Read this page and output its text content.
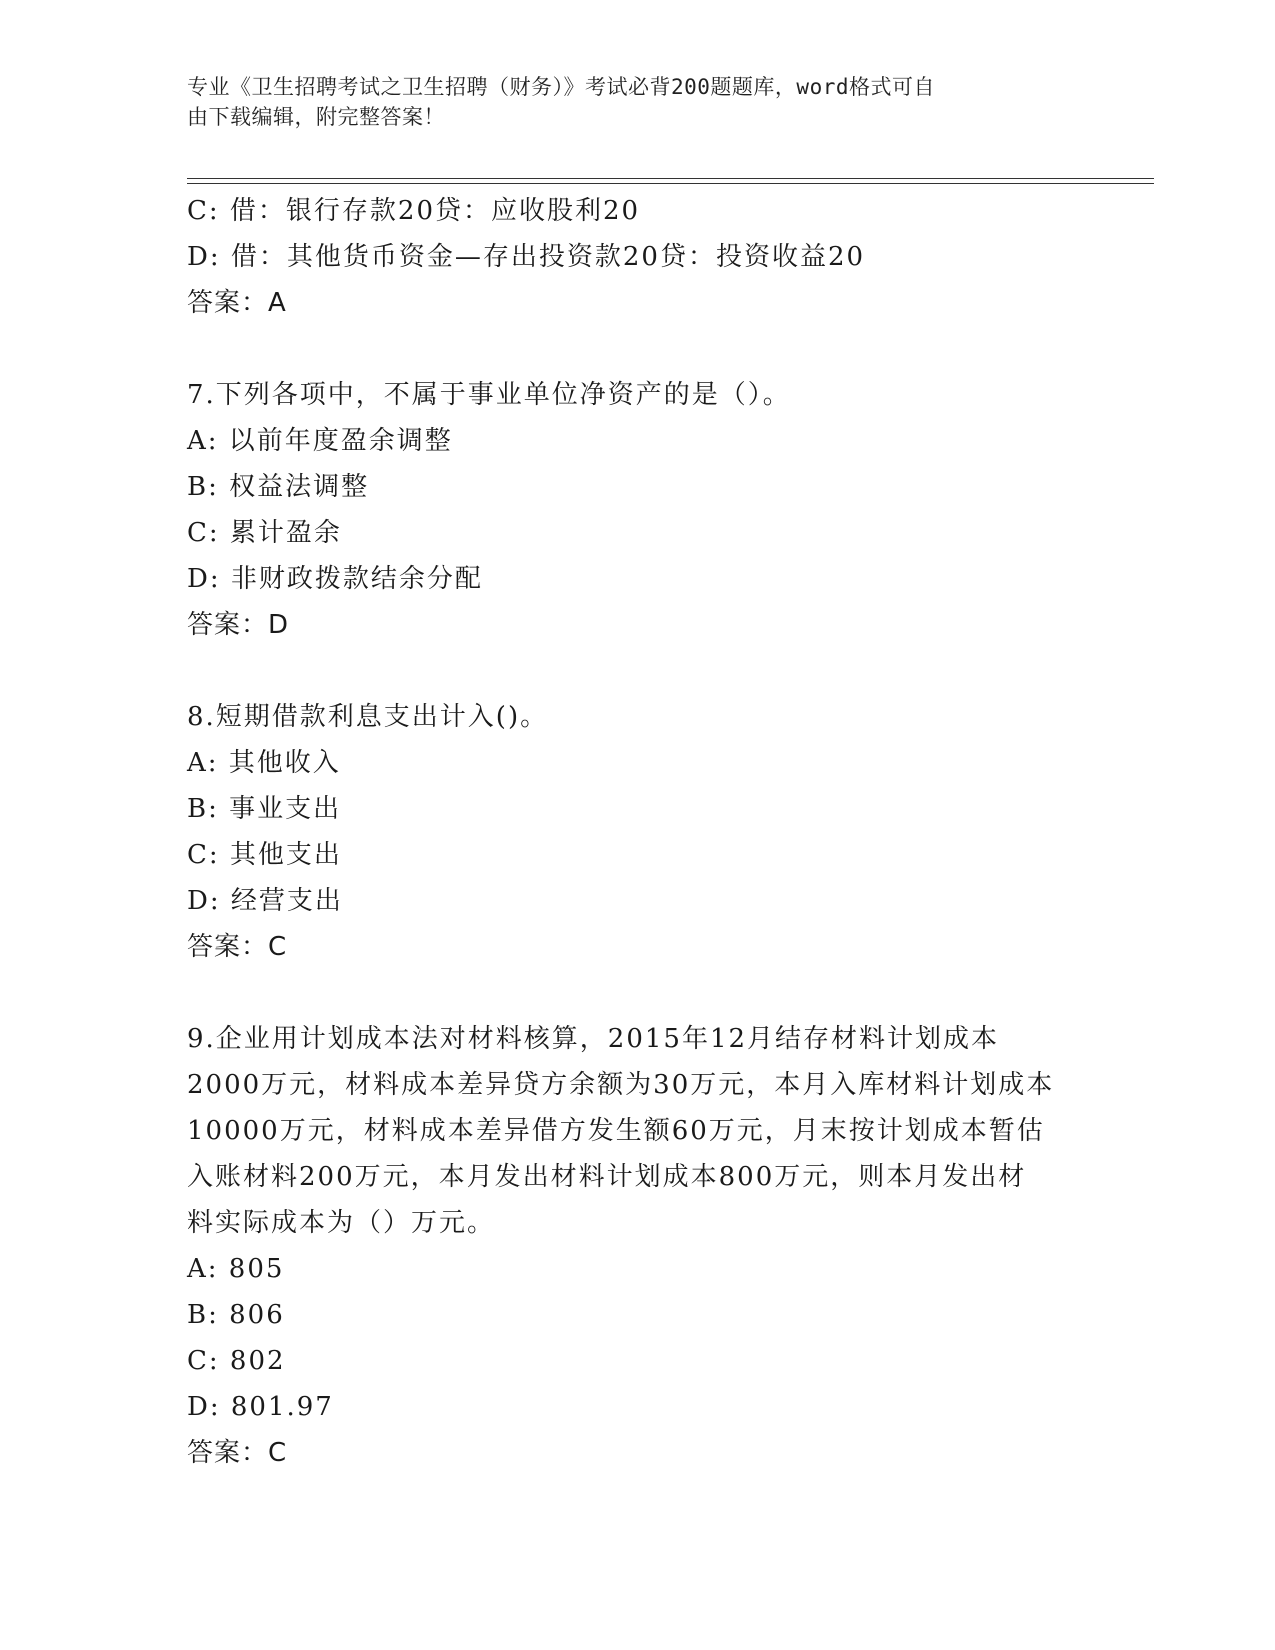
专业《卫生招聘考试之卫生招聘（财务）》考试必背200题题库，word格式可自
由下载编辑，附完整答案！
C: 借：银行存款20贷：应收股利20
D: 借：其他货币资金—存出投资款20贷：投资收益20
答案：A
7.下列各项中，不属于事业单位净资产的是（）。
A: 以前年度盈余调整
B: 权益法调整
C: 累计盈余
D: 非财政拨款结余分配
答案：D
8.短期借款利息支出计入()。
A: 其他收入
B: 事业支出
C: 其他支出
D: 经营支出
答案：C
9.企业用计划成本法对材料核算，2015年12月结存材料计划成本
2000万元，材料成本差异贷方余额为30万元，本月入库材料计划成本
10000万元，材料成本差异借方发生额60万元，月末按计划成本暂估
入账材料200万元，本月发出材料计划成本800万元，则本月发出材
料实际成本为（）万元。
A: 805
B: 806
C: 802
D: 801.97
答案：C
